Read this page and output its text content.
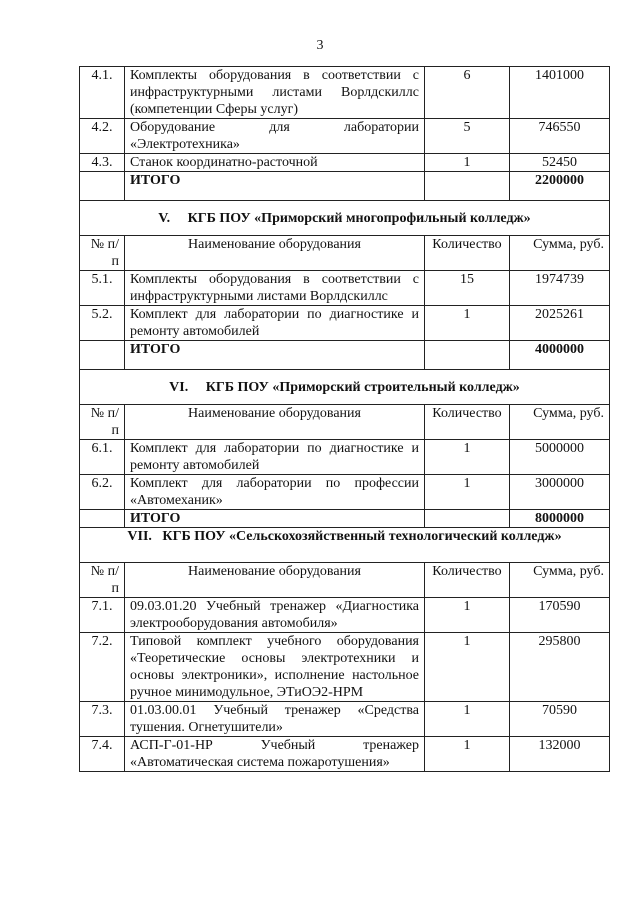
3
4.1.	Комплекты оборудования в соответствии с инфраструктурными листами Ворлдскиллс (компетенции Сферы услуг)	6	1401000
4.2.	Оборудование для лаборатории «Электротехника»	5	746550
4.3.	Станок координатно-расточной	1	52450
	ИТОГО		2200000
V.     КГБ ПОУ «Приморский многопрофильный колледж»			
№ п/п	Наименование оборудования	Количество	Сумма, руб.
5.1.	Комплекты оборудования в соответствии с инфраструктурными листами Ворлдскиллс	15	1974739
5.2.	Комплект для лаборатории по диагностике и ремонту автомобилей	1	2025261
	ИТОГО		4000000
VI.     КГБ ПОУ «Приморский строительный колледж»			
№ п/п	Наименование оборудования	Количество	Сумма, руб.
6.1.	Комплект для лаборатории по диагностике и ремонту автомобилей	1	5000000
6.2.	Комплект для лаборатории по профессии «Автомеханик»	1	3000000
	ИТОГО		8000000
VII.   КГБ ПОУ «Сельскохозяйственный технологический колледж»			
№ п/п	Наименование оборудования	Количество	Сумма, руб.
7.1.	09.03.01.20 Учебный тренажер «Диагностика электрооборудования автомобиля»	1	170590
7.2.	Типовой комплект учебного оборудования «Теоретические основы электротехники и основы электроники», исполнение настольное ручное минимодульное, ЭТиОЭ2-НРМ	1	295800
7.3.	01.03.00.01 Учебный тренажер «Средства тушения. Огнетушители»	1	70590
7.4.	АСП-Г-01-НР Учебный тренажер «Автоматическая система пожаротушения»	1	132000
